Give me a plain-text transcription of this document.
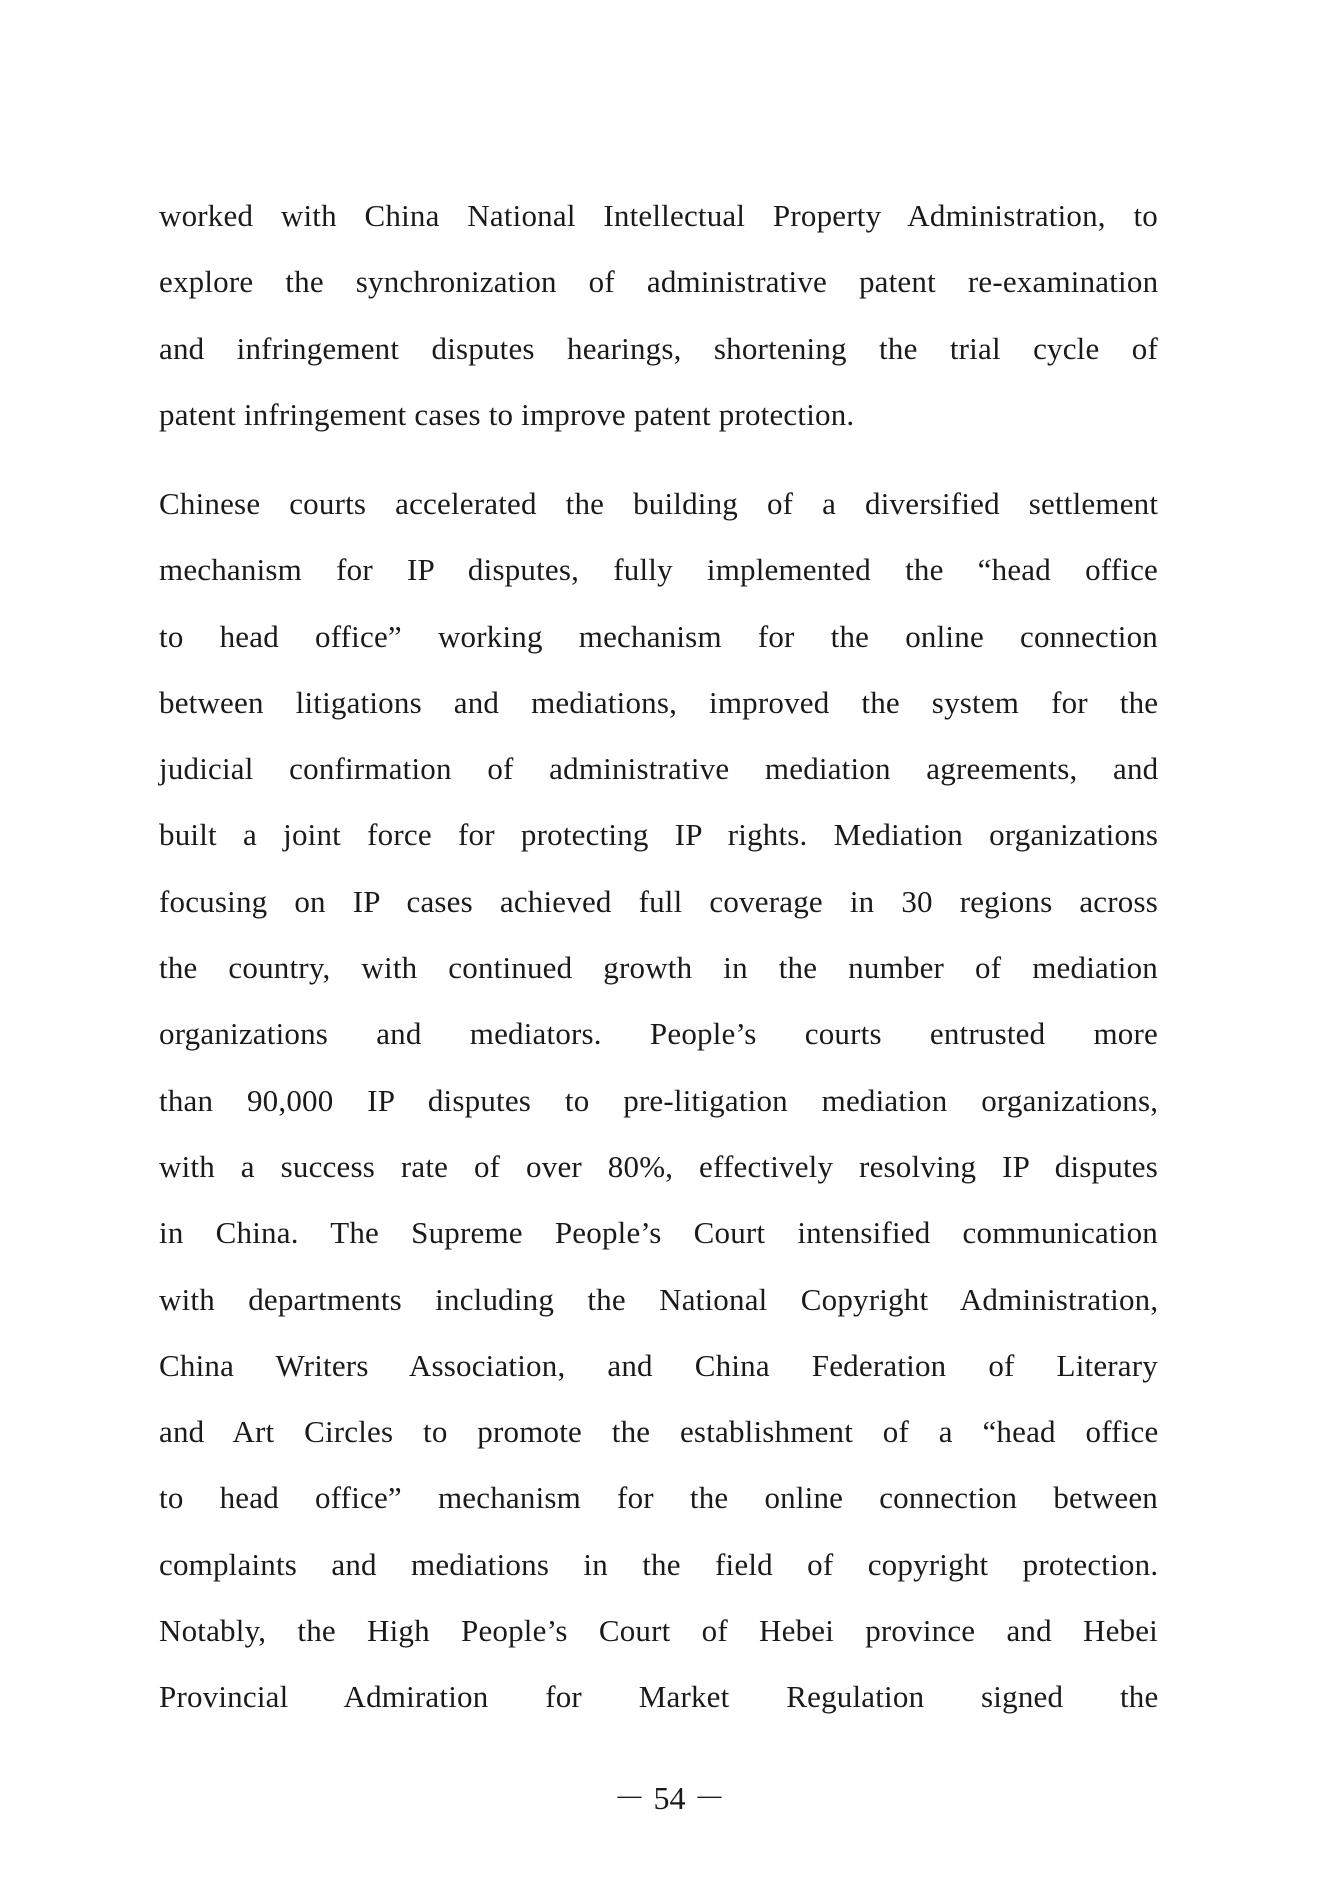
worked with China National Intellectual Property Administration, to
explore the synchronization of administrative patent re-examination
and infringement disputes hearings, shortening the trial cycle of
patent infringement cases to improve patent protection.
Chinese courts accelerated the building of a diversified settlement
mechanism for IP disputes, fully implemented the “head office
to head office” working mechanism for the online connection
between litigations and mediations, improved the system for the
judicial confirmation of administrative mediation agreements, and
built a joint force for protecting IP rights. Mediation organizations
focusing on IP cases achieved full coverage in 30 regions across
the country, with continued growth in the number of mediation
organizations and mediators. People’s courts entrusted more
than 90,000 IP disputes to pre-litigation mediation organizations,
with a success rate of over 80%, effectively resolving IP disputes
in China. The Supreme People’s Court intensified communication
with departments including the National Copyright Administration,
China Writers Association, and China Federation of Literary
and Art Circles to promote the establishment of a “head office
to head office” mechanism for the online connection between
complaints and mediations in the field of copyright protection.
Notably, the High People’s Court of Hebei province and Hebei
Provincial Admiration for Market Regulation signed the
－ 54 －
